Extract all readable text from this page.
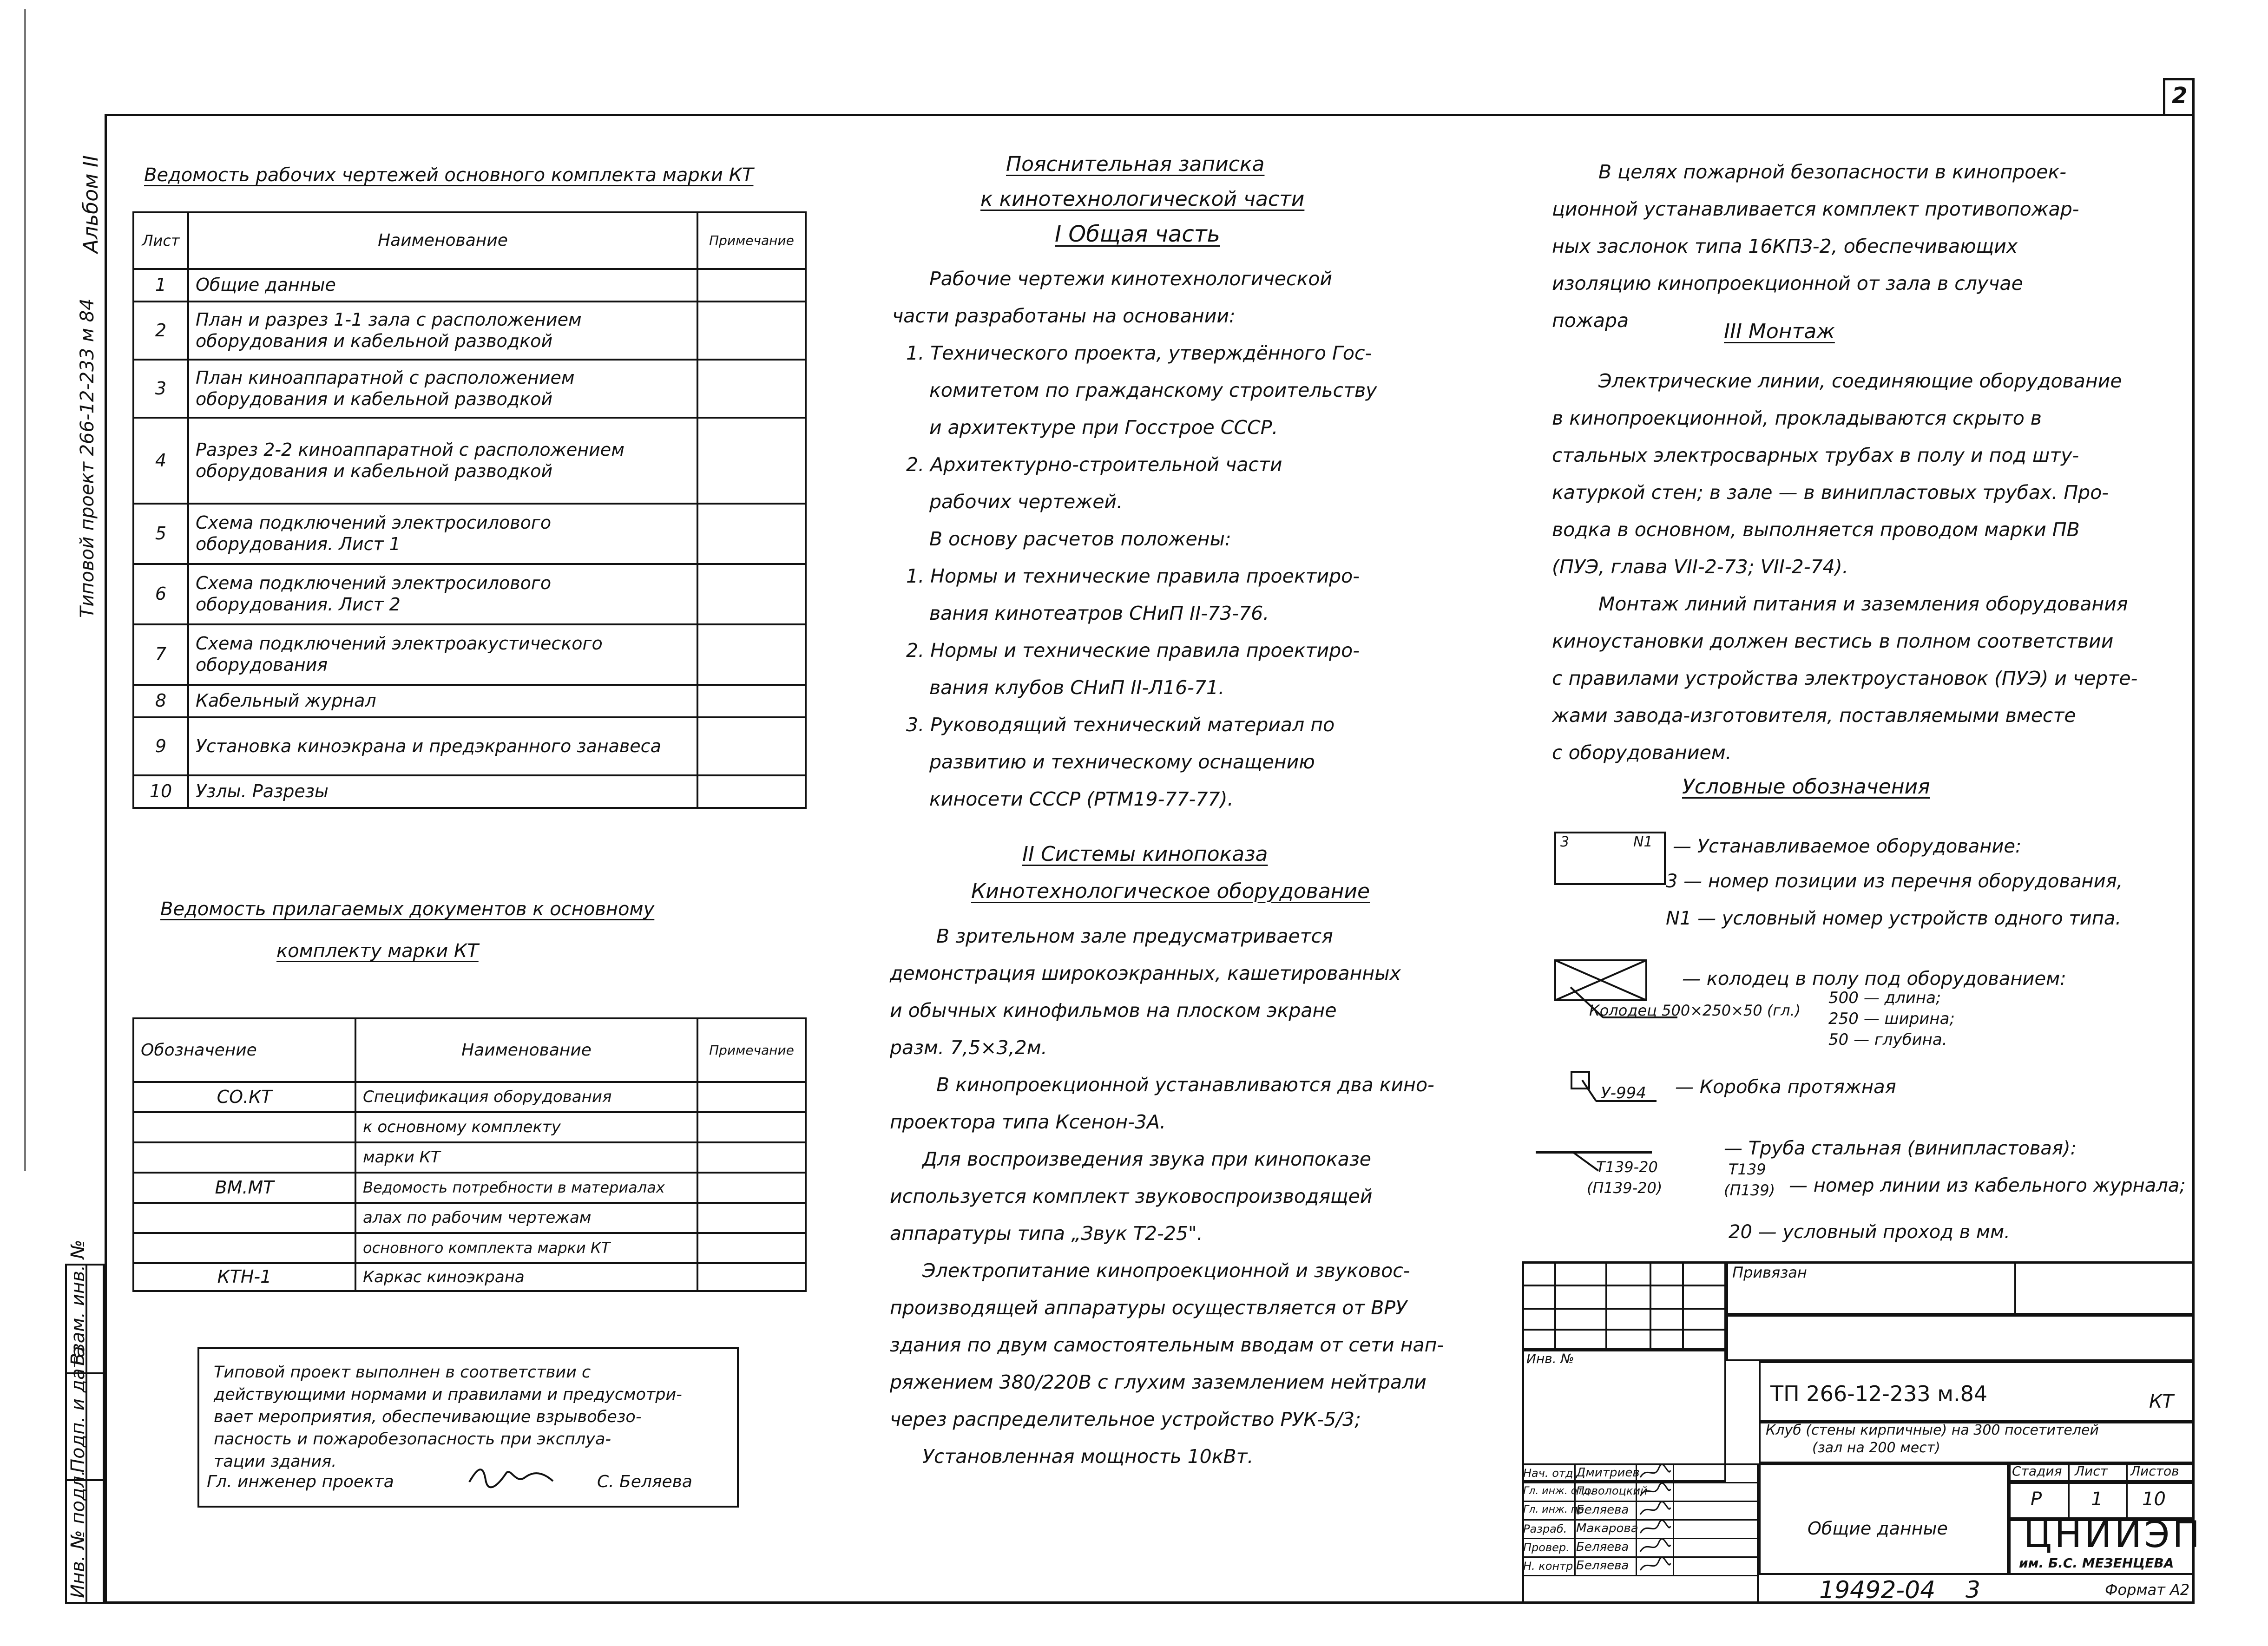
2
Типовой проект 266-12-233 м 84
Альбом
II
Взам. инв. №
Подп. и дата
Инв. № подл.
Ведомость рабочих чертежей основного комплекта марки КТ
Лист	Наименование	Примечание
1	Общие данные	
2	План и разрез 1-1 зала с расположением оборудования и кабельной разводкой	
3	План киноаппаратной с расположением оборудования и кабельной разводкой	
4	Разрез 2-2 киноаппаратной с расположением оборудования и кабельной разводкой	
5	Схема подключений электросилового оборудования. Лист 1	
6	Схема подключений электросилового оборудования. Лист 2	
7	Схема подключений электроакустического оборудования	
8	Кабельный журнал	
9	Установка киноэкрана и предэкранного занавеса	
10	Узлы. Разрезы	
Ведомость прилагаемых документов к основному
комплекту марки КТ
Обозначение	Наименование	Примечание
СО.КТ	Спецификация оборудования	
	к основному комплекту	
	марки КТ	
ВМ.МТ	Ведомость потребности в материалах	
	алах по рабочим чертежам	
	основного комплекта марки КТ	
КТН-1	Каркас киноэкрана	
Типовой проект выполнен в соответствии с
действующими нормами и правилами и предусмотри-
вает мероприятия, обеспечивающие взрывобезо-
пасность и пожаробезопасность при эксплуа-
тации здания.
Гл. инженер проекта	С. Беляева
Пояснительная записка
к кинотехнологической части
I Общая часть
Рабочие чертежи кинотехнологической
части разработаны на основании:
1. Технического проекта, утверждённого Гос-
комитетом по гражданскому строительству
и архитектуре при Госстрое СССР.
2. Архитектурно-строительной части
рабочих чертежей.
В основу расчетов положены:
1. Нормы и технические правила проектиро-
вания кинотеатров СНиП II-73-76.
2. Нормы и технические правила проектиро-
вания клубов СНиП II-Л16-71.
3. Руководящий технический материал по
развитию и техническому оснащению
киносети СССР (РТМ19-77-77).
II Системы кинопоказа
Кинотехнологическое оборудование
В зрительном зале предусматривается
демонстрация широкоэкранных, кашетированных
и обычных кинофильмов на плоском экране
разм. 7,5×3,2м.
В кинопроекционной устанавливаются два кино-
проектора типа Ксенон-3А.
Для воспроизведения звука при кинопоказе
используется комплект звуковоспроизводящей
аппаратуры типа „Звук Т2-25".
Электропитание кинопроекционной и звуковос-
производящей аппаратуры осуществляется от ВРУ
здания по двум самостоятельным вводам от сети нап-
ряжением 380/220В с глухим заземлением нейтрали
через распределительное устройство РУК-5/3;
Установленная мощность 10кВт.
В целях пожарной безопасности в кинопроек-
ционной устанавливается комплект противопожар-
ных заслонок типа 16КПЗ-2, обеспечивающих
изоляцию кинопроекционной от зала в случае
пожара	III Монтаж
Электрические линии, соединяющие оборудование
в кинопроекционной, прокладываются скрыто в
стальных электросварных трубах в полу и под шту-
катуркой стен; в зале — в винипластовых трубах. Про-
водка в основном, выполняется проводом марки ПВ
(ПУЭ, глава VII-2-73; VII-2-74).
Монтаж линий питания и заземления оборудования
киноустановки должен вестись в полном соответствии
с правилами устройства электроустановок (ПУЭ) и черте-
жами завода-изготовителя, поставляемыми вместе
с оборудованием.
Условные обозначения
3	N1 — Устанавливаемое оборудование:
3 — номер позиции из перечня оборудования,
N1 — условный номер устройств одного типа.
— колодец в полу под оборудованием:
Колодец 500×250×50 (гл.)
500 — длина;
250 — ширина;
50 — глубина.
У-994 — Коробка протяжная
Т139-20
(П139-20)
— Труба стальная (винипластовая):
Т139
(П139) — номер линии из кабельного журнала;
20 — условный проход в мм.
Инв. №
Привязан
ТП 266-12-233 м.84	КТ
Клуб (стены кирпичные) на 300 посетителей
(зал на 200 мест)
Нач. отд.
Дмитриев
Гл. инж. отд.
Поволоцкий
Гл. инж. пр.
Беляева
Разраб. Макарова
Провер. Беляева
Н. контр.
Беляева
Общие данные
Стадия Лист Листов
Р	1 10
ЦНИИЭП
им. Б.С. МЕЗЕНЦЕВА
19492-04 3	Формат А2
